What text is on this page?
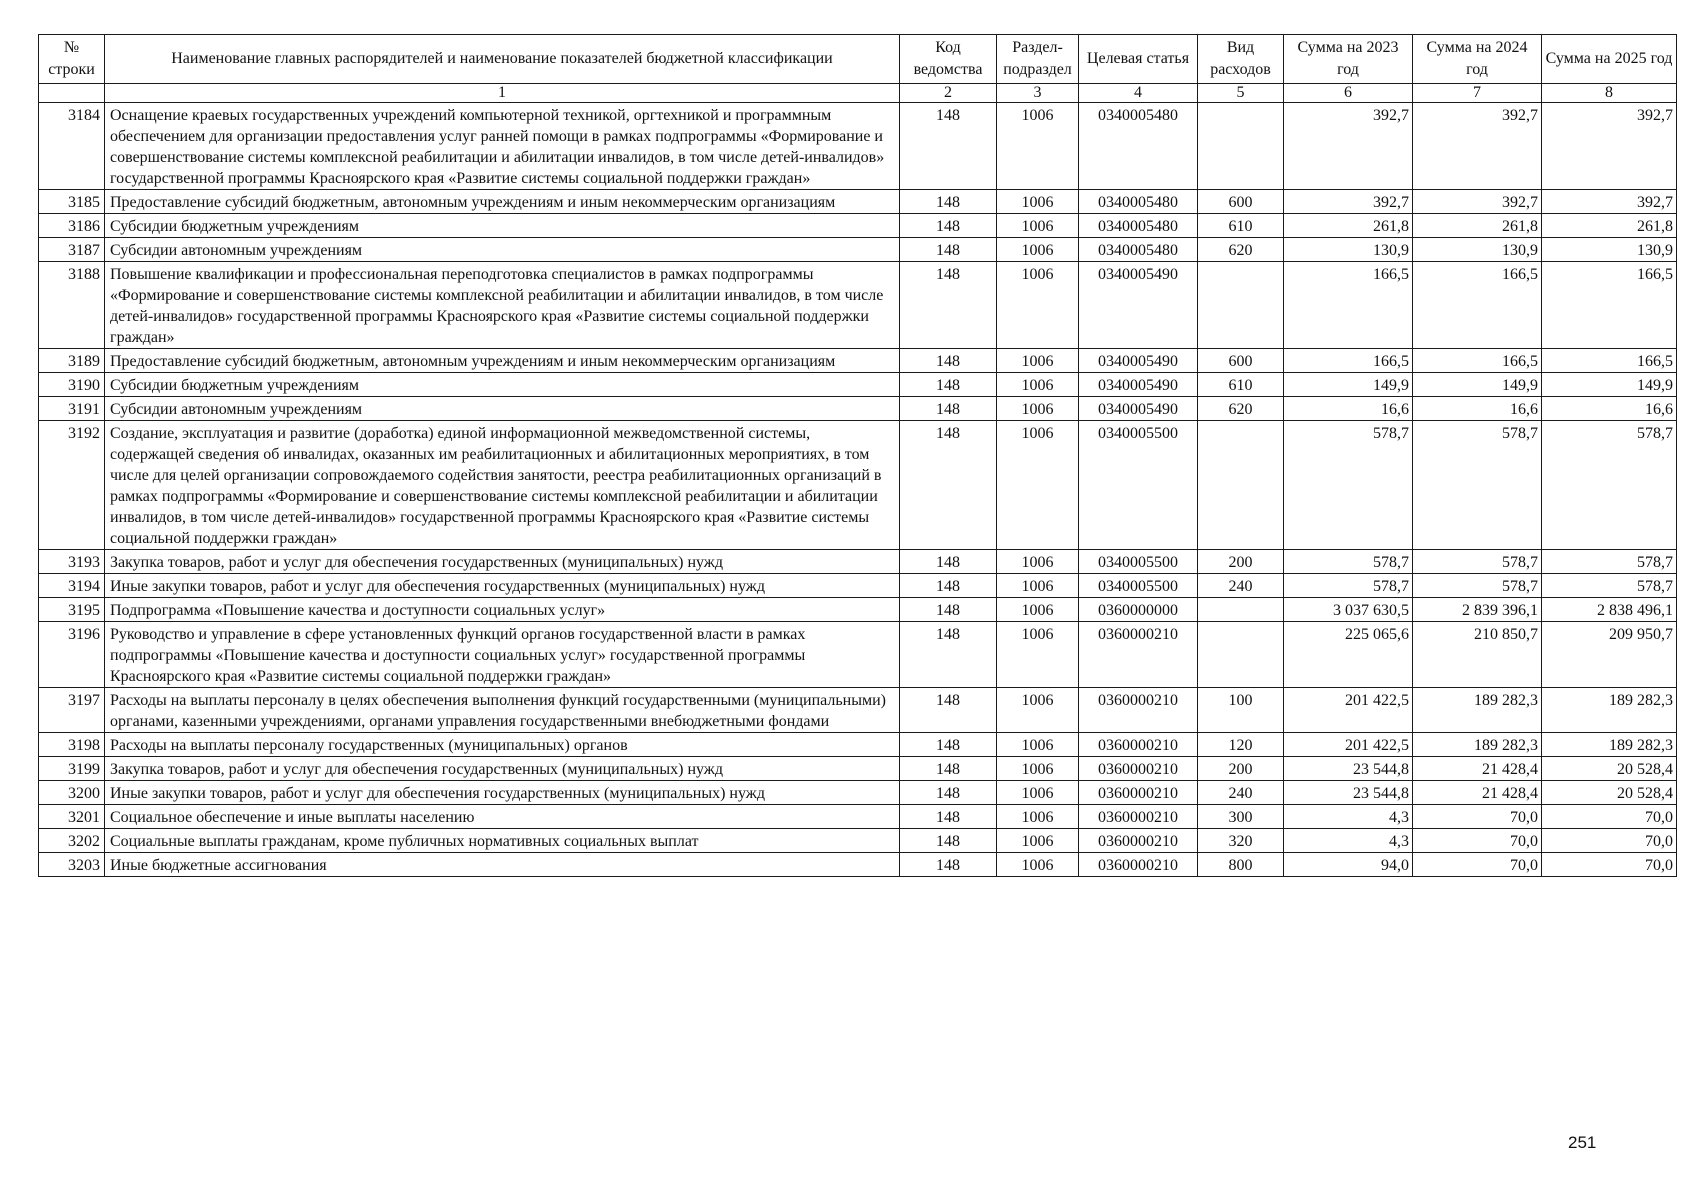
№ строки	Наименование главных распорядителей и наименование показателей бюджетной классификации	Код ведомства	Раздел-подраздел	Целевая статья	Вид расходов	Сумма на 2023 год	Сумма на 2024 год	Сумма на 2025 год
	1	2	3	4	5	6	7	8
3184	Оснащение краевых государственных учреждений компьютерной техникой, оргтехникой и программным обеспечением для организации предоставления услуг ранней помощи в рамках подпрограммы «Формирование и совершенствование системы комплексной реабилитации и абилитации инвалидов, в том числе детей-инвалидов» государственной программы Красноярского края «Развитие системы социальной поддержки граждан»	148	1006	0340005480		392,7	392,7	392,7
3185	Предоставление субсидий бюджетным, автономным учреждениям и иным некоммерческим организациям	148	1006	0340005480	600	392,7	392,7	392,7
3186	Субсидии бюджетным учреждениям	148	1006	0340005480	610	261,8	261,8	261,8
3187	Субсидии автономным учреждениям	148	1006	0340005480	620	130,9	130,9	130,9
3188	Повышение квалификации и профессиональная переподготовка специалистов в рамках подпрограммы «Формирование и совершенствование системы комплексной реабилитации и абилитации инвалидов, в том числе детей-инвалидов» государственной программы Красноярского края «Развитие системы социальной поддержки граждан»	148	1006	0340005490		166,5	166,5	166,5
3189	Предоставление субсидий бюджетным, автономным учреждениям и иным некоммерческим организациям	148	1006	0340005490	600	166,5	166,5	166,5
3190	Субсидии бюджетным учреждениям	148	1006	0340005490	610	149,9	149,9	149,9
3191	Субсидии автономным учреждениям	148	1006	0340005490	620	16,6	16,6	16,6
3192	Создание, эксплуатация и развитие (доработка) единой информационной межведомственной системы, содержащей сведения об инвалидах, оказанных им реабилитационных и абилитационных мероприятиях, в том числе для целей организации сопровождаемого содействия занятости, реестра реабилитационных организаций в рамках подпрограммы «Формирование и совершенствование системы комплексной реабилитации и абилитации инвалидов, в том числе детей-инвалидов» государственной программы Красноярского края «Развитие системы социальной поддержки граждан»	148	1006	0340005500		578,7	578,7	578,7
3193	Закупка товаров, работ и услуг для обеспечения государственных (муниципальных) нужд	148	1006	0340005500	200	578,7	578,7	578,7
3194	Иные закупки товаров, работ и услуг для обеспечения государственных (муниципальных) нужд	148	1006	0340005500	240	578,7	578,7	578,7
3195	Подпрограмма «Повышение качества и доступности социальных услуг»	148	1006	0360000000		3 037 630,5	2 839 396,1	2 838 496,1
3196	Руководство и управление в сфере установленных функций органов государственной власти в рамках подпрограммы «Повышение качества и доступности социальных услуг» государственной программы Красноярского края «Развитие системы социальной поддержки граждан»	148	1006	0360000210		225 065,6	210 850,7	209 950,7
3197	Расходы на выплаты персоналу в целях обеспечения выполнения функций государственными (муниципальными) органами, казенными учреждениями, органами управления государственными внебюджетными фондами	148	1006	0360000210	100	201 422,5	189 282,3	189 282,3
3198	Расходы на выплаты персоналу государственных (муниципальных) органов	148	1006	0360000210	120	201 422,5	189 282,3	189 282,3
3199	Закупка товаров, работ и услуг для обеспечения государственных (муниципальных) нужд	148	1006	0360000210	200	23 544,8	21 428,4	20 528,4
3200	Иные закупки товаров, работ и услуг для обеспечения государственных (муниципальных) нужд	148	1006	0360000210	240	23 544,8	21 428,4	20 528,4
3201	Социальное обеспечение и иные выплаты населению	148	1006	0360000210	300	4,3	70,0	70,0
3202	Социальные выплаты гражданам, кроме публичных нормативных социальных выплат	148	1006	0360000210	320	4,3	70,0	70,0
3203	Иные бюджетные ассигнования	148	1006	0360000210	800	94,0	70,0	70,0
251
